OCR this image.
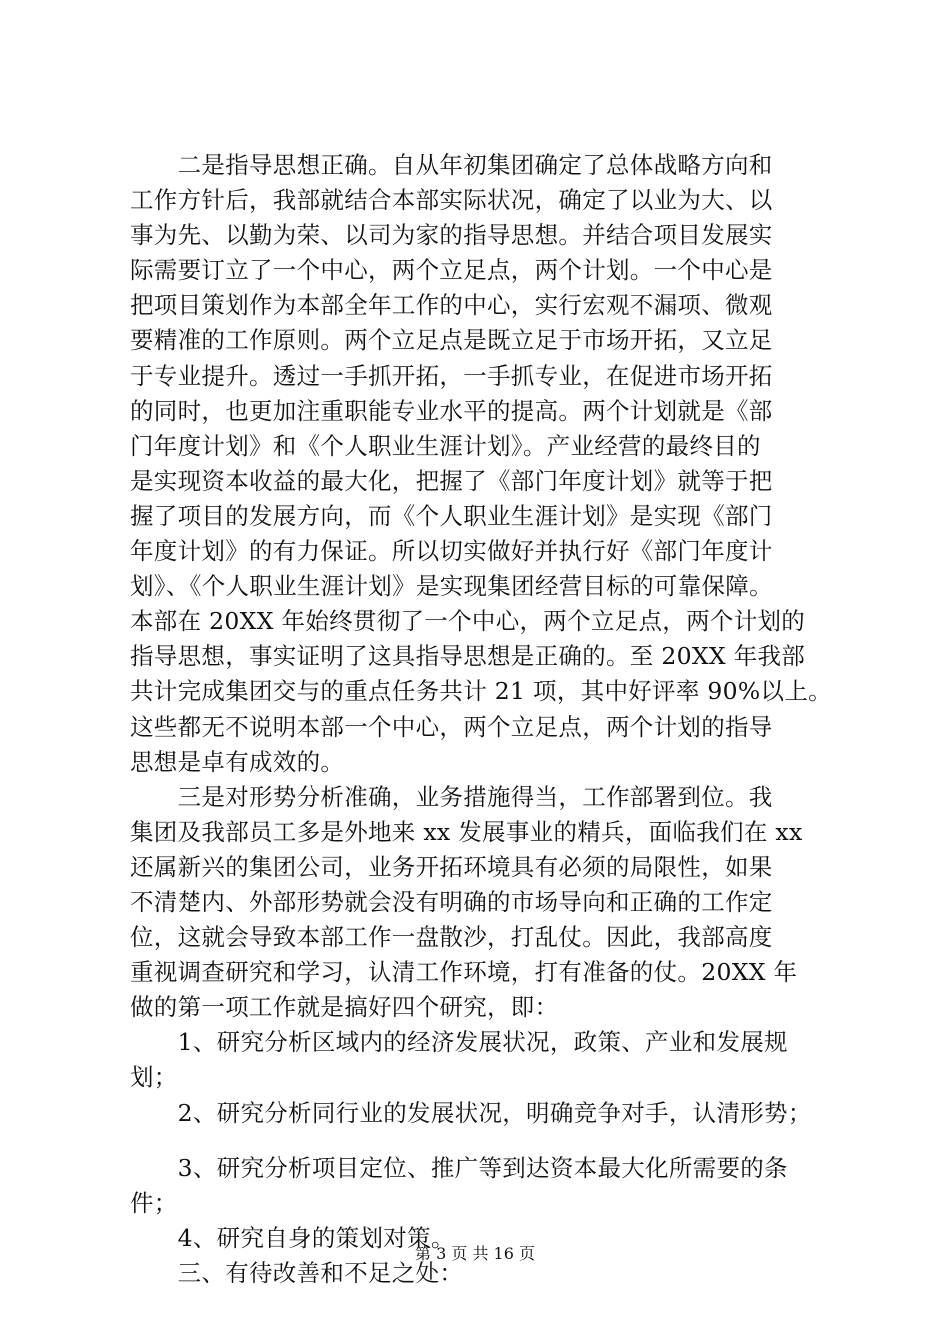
　　二是指导思想正确。自从年初集团确定了总体战略方向和
工作方针后，我部就结合本部实际状况，确定了以业为大、以
事为先、以勤为荣、以司为家的指导思想。并结合项目发展实
际需要订立了一个中心，两个立足点，两个计划。一个中心是
把项目策划作为本部全年工作的中心，实行宏观不漏项、微观
要精准的工作原则。两个立足点是既立足于市场开拓，又立足
于专业提升。透过一手抓开拓，一手抓专业，在促进市场开拓
的同时，也更加注重职能专业水平的提高。两个计划就是《部
门年度计划》和《个人职业生涯计划》。产业经营的最终目的
是实现资本收益的最大化，把握了《部门年度计划》就等于把
握了项目的发展方向，而《个人职业生涯计划》是实现《部门
年度计划》的有力保证。所以切实做好并执行好《部门年度计
划》、《个人职业生涯计划》是实现集团经营目标的可靠保障。
本部在 20XX 年始终贯彻了一个中心，两个立足点，两个计划的
指导思想，事实证明了这具指导思想是正确的。至 20XX 年我部
共计完成集团交与的重点任务共计 21 项，其中好评率 90%以上。
这些都无不说明本部一个中心，两个立足点，两个计划的指导
思想是卓有成效的。
　　三是对形势分析准确，业务措施得当，工作部署到位。我
集团及我部员工多是外地来 xx 发展事业的精兵，面临我们在 xx
还属新兴的集团公司，业务开拓环境具有必须的局限性，如果
不清楚内、外部形势就会没有明确的市场导向和正确的工作定
位，这就会导致本部工作一盘散沙，打乱仗。因此，我部高度
重视调查研究和学习，认清工作环境，打有准备的仗。20XX 年
做的第一项工作就是搞好四个研究，即：
　　1、研究分析区域内的经济发展状况，政策、产业和发展规
划；
　　2、研究分析同行业的发展状况，明确竞争对手，认清形势；
　　3、研究分析项目定位、推广等到达资本最大化所需要的条
件；
　　4、研究自身的策划对策。
　　三、有待改善和不足之处：
第 3 页 共 16 页
